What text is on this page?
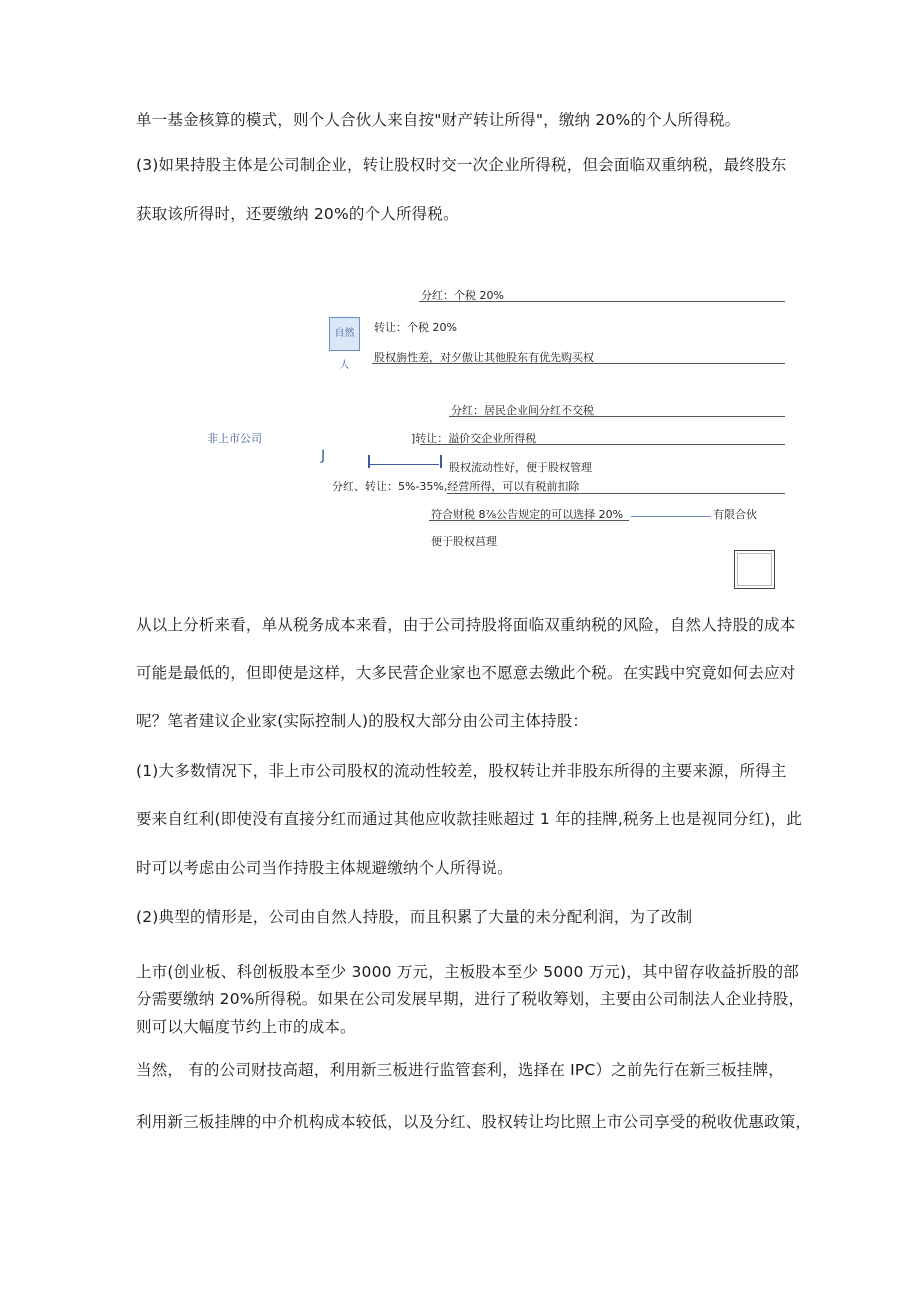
单一基金核算的模式，则个人合伙人来自按"财产转让所得"，缴纳 20%的个人所得税。
(3)如果持股主体是公司制企业，转让股权时交一次企业所得税，但会面临双重纳税，最终股东
获取该所得时，还要缴纳 20%的个人所得税。
分红：个税 20%
自然人
转让：个税 20%
股权旃性差，对夕傲让其他股东有优先购买权
分红：居民企业间分红不交税
非上市公司	]转让：溢价交企业所得税
J
股权流动性好，便于股权管理
分红、转让：5%-35%,经营所得，可以有税前扣除
符合财税 8⅞公告规定的可以选择 20%	有限合伙
便于股权莒理
从以上分析来看，单从税务成本来看，由于公司持股将面临双重纳税的风险，自然人持股的成本
可能是最低的，但即使是这样，大多民营企业家也不愿意去缴此个税。在实践中究竟如何去应对
呢？笔者建议企业家(实际控制人)的股权大部分由公司主体持股：
(1)大多数情况下，非上市公司股权的流动性较差，股权转让并非股东所得的主要来源，所得主
要来自红利(即使没有直接分红而通过其他应收款挂账超过 1 年的挂牌,税务上也是视同分红)，此
时可以考虑由公司当作持股主体规避缴纳个人所得说。
(2)典型的情形是，公司由自然人持股，而且积累了大量的未分配利润，为了改制
上市(创业板、科创板股本至少 3000 万元，主板股本至少 5000 万元)，其中留存收益折股的部
分需要缴纳 20%所得税。如果在公司发展早期，进行了税收筹划，主要由公司制法人企业持股，
则可以大幅度节约上市的成本。
当然， 有的公司财技高超，利用新三板进行监管套利，选择在 IPC）之前先行在新三板挂牌，
利用新三板挂牌的中介机构成本较低，以及分红、股权转让均比照上市公司享受的税收优惠政策，
